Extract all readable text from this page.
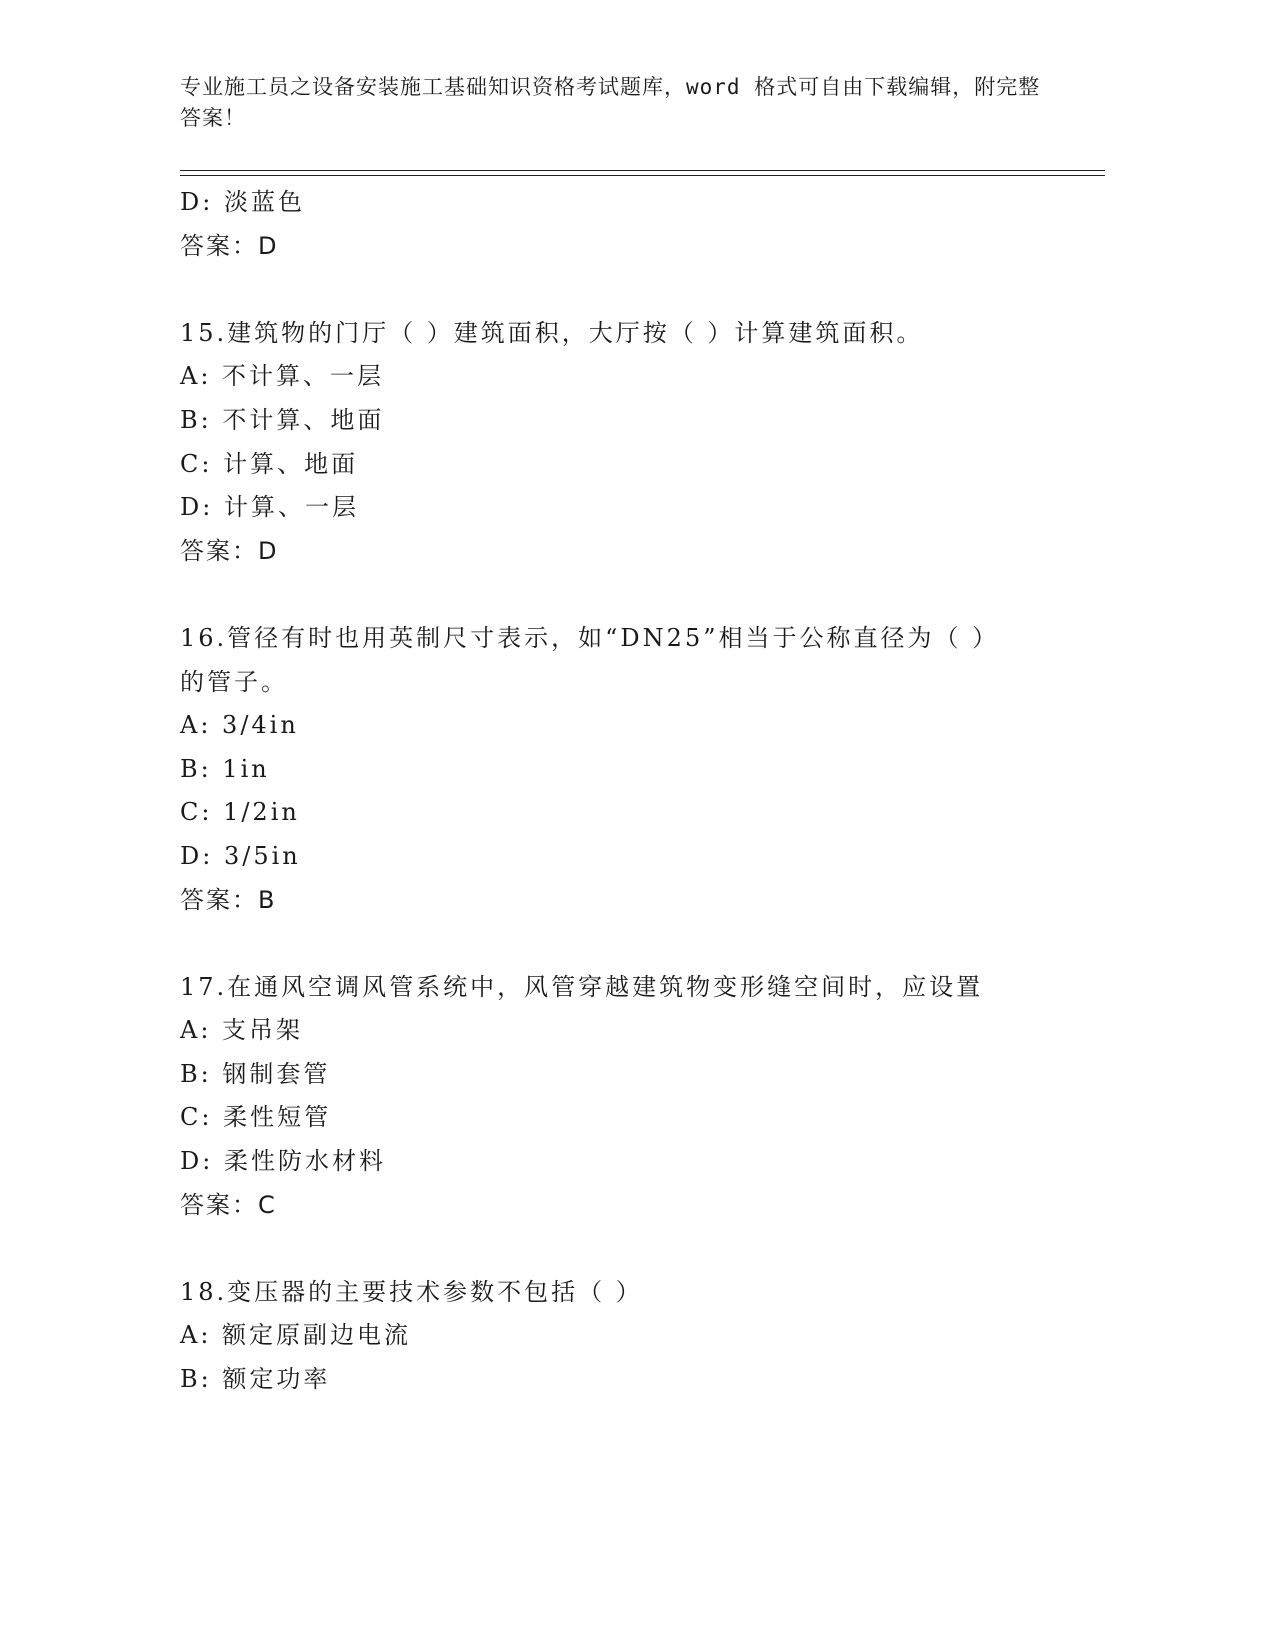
专业施工员之设备安装施工基础知识资格考试题库，word 格式可自由下载编辑，附完整答案！
D: 淡蓝色
答案：D
15.建筑物的门厅（ ）建筑面积，大厅按（ ）计算建筑面积。
A: 不计算、一层
B: 不计算、地面
C: 计算、地面
D: 计算、一层
答案：D
16.管径有时也用英制尺寸表示，如“DN25”相当于公称直径为（ ）
的管子。
A: 3/4in
B: 1in
C: 1/2in
D: 3/5in
答案：B
17.在通风空调风管系统中，风管穿越建筑物变形缝空间时，应设置
A: 支吊架
B: 钢制套管
C: 柔性短管
D: 柔性防水材料
答案：C
18.变压器的主要技术参数不包括（ ）
A: 额定原副边电流
B: 额定功率
